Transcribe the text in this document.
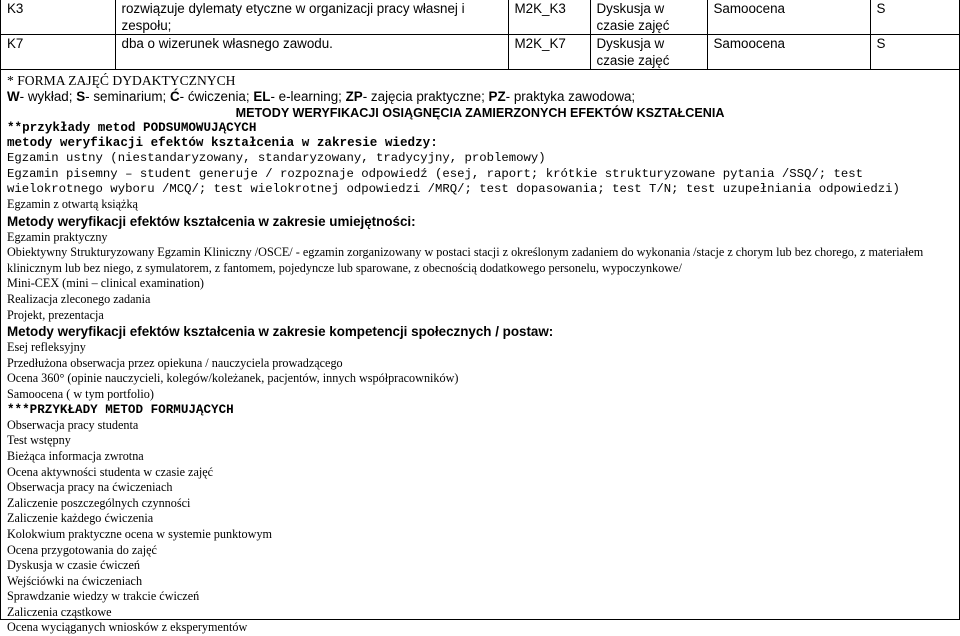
K3	rozwiązuje dylematy etyczne w organizacji pracy własnej i zespołu;	M2K_K3	Dyskusja w czasie zajęć	Samoocena	S
K7	dba o wizerunek własnego zawodu.	M2K_K7	Dyskusja w czasie zajęć	Samoocena	S
* FORMA ZAJĘĆ DYDAKTYCZNYCH
W- wykład; S- seminarium; Ć- ćwiczenia; EL- e-learning; ZP- zajęcia praktyczne; PZ- praktyka zawodowa;
METODY WERYFIKACJI OSIĄGNĘCIA ZAMIERZONYCH EFEKTÓW KSZTAŁCENIA
**przykłady metod PODSUMOWUJĄCYCH
metody weryfikacji efektów kształcenia w zakresie wiedzy:
Egzamin ustny (niestandaryzowany, standaryzowany, tradycyjny, problemowy)
Egzamin pisemny – student generuje / rozpoznaje odpowiedź (esej, raport; krótkie strukturyzowane pytania /SSQ/; test wielokrotnego wyboru /MCQ/; test wielokrotnej odpowiedzi /MRQ/; test dopasowania; test T/N; test uzupełniania odpowiedzi)
Egzamin z otwartą książką
Metody weryfikacji efektów kształcenia w zakresie umiejętności:
Egzamin praktyczny
Obiektywny Strukturyzowany Egzamin Kliniczny /OSCE/ - egzamin zorganizowany w postaci stacji z określonym zadaniem do wykonania /stacje z chorym lub bez chorego, z materiałem klinicznym lub bez niego, z symulatorem, z fantomem, pojedyncze lub sparowane, z obecnością dodatkowego personelu, wypoczynkowe/
Mini-CEX (mini – clinical examination)
Realizacja zleconego zadania
Projekt, prezentacja
Metody weryfikacji efektów kształcenia w zakresie kompetencji społecznych / postaw:
Esej refleksyjny
Przedłużona obserwacja przez opiekuna / nauczyciela prowadzącego
Ocena 360° (opinie nauczycieli, kolegów/koleżanek, pacjentów, innych współpracowników)
Samoocena ( w tym portfolio)
***PRZYKŁADY METOD FORMUJĄCYCH
Obserwacja pracy studenta
Test wstępny
Bieżąca informacja zwrotna
Ocena aktywności studenta w czasie zajęć
Obserwacja pracy na ćwiczeniach
Zaliczenie poszczególnych czynności
Zaliczenie każdego ćwiczenia
Kolokwium praktyczne ocena w systemie punktowym
Ocena przygotowania do zajęć
Dyskusja w czasie ćwiczeń
Wejściówki na ćwiczeniach
Sprawdzanie wiedzy w trakcie ćwiczeń
Zaliczenia cząstkowe
Ocena wyciąganych wniosków z eksperymentów
